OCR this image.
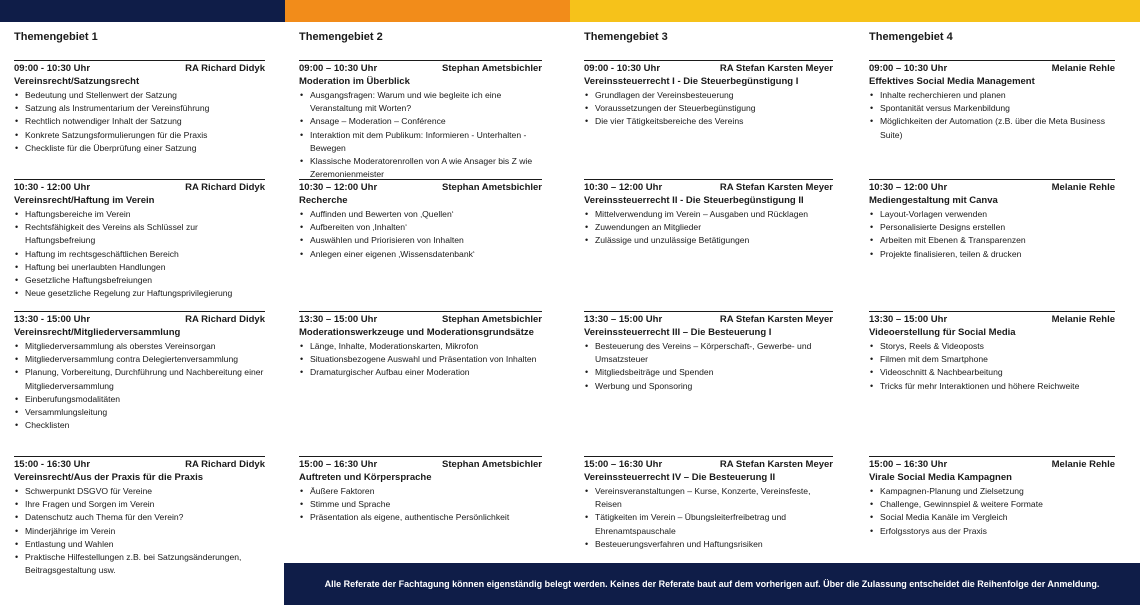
Themengebiet 1
09:00 - 10:30 Uhr	RA Richard Didyk
Vereinsrecht/Satzungsrecht
• Bedeutung und Stellenwert der Satzung
• Satzung als Instrumentarium der Vereinsführung
• Rechtlich notwendiger Inhalt der Satzung
• Konkrete Satzungsformulierungen für die Praxis
• Checkliste für die Überprüfung einer Satzung
10:30 - 12:00 Uhr	RA Richard Didyk
Vereinsrecht/Haftung im Verein
• Haftungsbereiche im Verein
• Rechtsfähigkeit des Vereins als Schlüssel zur Haftungsbefreiung
• Haftung im rechtsgeschäftlichen Bereich
• Haftung bei unerlaubten Handlungen
• Gesetzliche Haftungsbefreiungen
• Neue gesetzliche Regelung zur Haftungsprivilegierung
13:30 - 15:00 Uhr	RA Richard Didyk
Vereinsrecht/Mitgliederversammlung
• Mitgliederversammlung als oberstes Vereinsorgan
• Mitgliederversammlung contra Delegiertenversammlung
• Planung, Vorbereitung, Durchführung und Nachbereitung einer Mitgliederversammlung
• Einberufungsmodalitäten
• Versammlungsleitung
• Checklisten
15:00 - 16:30 Uhr	RA Richard Didyk
Vereinsrecht/Aus der Praxis für die Praxis
• Schwerpunkt DSGVO für Vereine
• Ihre Fragen und Sorgen im Verein
• Datenschutz auch Thema für den Verein?
• Minderjährige im Verein
• Entlastung und Wahlen
• Praktische Hilfestellungen z.B. bei Satzungsänderungen, Beitragsgestaltung usw.
Themengebiet 2
09:00 – 10:30 Uhr	Stephan Ametsbichler
Moderation im Überblick
• Ausgangsfragen: Warum und wie begleite ich eine Veranstaltung mit Worten?
• Ansage – Moderation – Conférence
• Interaktion mit dem Publikum: Informieren - Unterhalten - Bewegen
• Klassische Moderatorenrollen von A wie Ansager bis Z wie Zeremonienmeister
10:30 – 12:00 Uhr	Stephan Ametsbichler
Recherche
• Auffinden und Bewerten von ‚Quellen‘
• Aufbereiten von ‚Inhalten‘
• Auswählen und Priorisieren von Inhalten
• Anlegen einer eigenen ‚Wissensdatenbank‘
13:30 – 15:00 Uhr	Stephan Ametsbichler
Moderationswerkzeuge und Moderationsgrundsätze
• Länge, Inhalte, Moderationskarten, Mikrofon
• Situationsbezogene Auswahl und Präsentation von Inhalten
• Dramaturgischer Aufbau einer Moderation
15:00 – 16:30 Uhr	Stephan Ametsbichler
Auftreten und Körpersprache
• Äußere Faktoren
• Stimme und Sprache
• Präsentation als eigene, authentische Persönlichkeit
Themengebiet 3
09:00 - 10:30 Uhr	RA Stefan Karsten Meyer
Vereinssteuerrecht I - Die Steuerbegünstigung I
• Grundlagen der Vereinsbesteuerung
• Voraussetzungen der Steuerbegünstigung
• Die vier Tätigkeitsbereiche des Vereins
10:30 – 12:00 Uhr	RA Stefan Karsten Meyer
Vereinssteuerrecht II - Die Steuerbegünstigung II
• Mittelverwendung im Verein – Ausgaben und Rücklagen
• Zuwendungen an Mitglieder
• Zulässige und unzulässige Betätigungen
13:30 – 15:00 Uhr	RA Stefan Karsten Meyer
Vereinssteuerrecht III – Die Besteuerung I
• Besteuerung des Vereins – Körperschaft-, Gewerbe- und Umsatzsteuer
• Mitgliedsbeiträge und Spenden
• Werbung und Sponsoring
15:00 – 16:30 Uhr	RA Stefan Karsten Meyer
Vereinssteuerrecht IV – Die Besteuerung II
• Vereinsveranstaltungen – Kurse, Konzerte, Vereinsfeste, Reisen
• Tätigkeiten im Verein – Übungsleiterfreibetrag und Ehrenamtspauschale
• Besteuerungsverfahren und Haftungsrisiken
Themengebiet 4
09:00 – 10:30 Uhr	Melanie Rehle
Effektives Social Media Management
• Inhalte recherchieren und planen
• Spontanität versus Markenbildung
• Möglichkeiten der Automation (z.B. über die Meta Business Suite)
10:30 – 12:00 Uhr	Melanie Rehle
Mediengestaltung mit Canva
• Layout-Vorlagen verwenden
• Personalisierte Designs erstellen
• Arbeiten mit Ebenen & Transparenzen
• Projekte finalisieren, teilen & drucken
13:30 – 15:00 Uhr	Melanie Rehle
Videoerstellung für Social Media
• Storys, Reels & Videoposts
• Filmen mit dem Smartphone
• Videoschnitt & Nachbearbeitung
• Tricks für mehr Interaktionen und höhere Reichweite
15:00 – 16:30 Uhr	Melanie Rehle
Virale Social Media Kampagnen
• Kampagnen-Planung und Zielsetzung
• Challenge, Gewinnspiel & weitere Formate
• Social Media Kanäle im Vergleich
• Erfolgsstorys aus der Praxis
Alle Referate der Fachtagung können eigenständig belegt werden. Keines der Referate baut auf dem vorherigen auf. Über die Zulassung entscheidet die Reihenfolge der Anmeldung.
